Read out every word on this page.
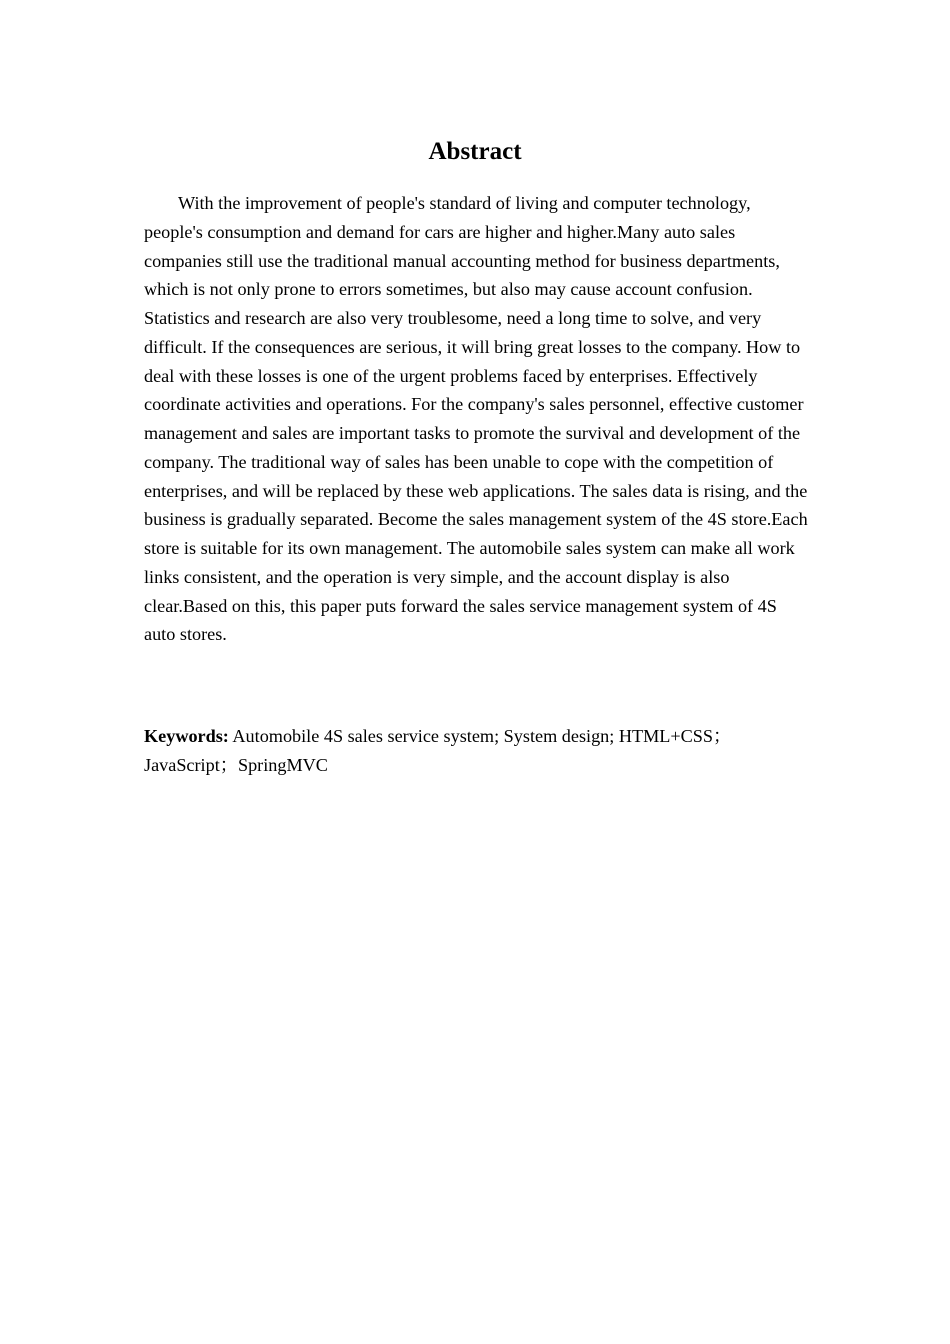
Abstract

With the improvement of people's standard of living and computer technology, people's consumption and demand for cars are higher and higher.Many auto sales companies still use the traditional manual accounting method for business departments, which is not only prone to errors sometimes, but also may cause account confusion. Statistics and research are also very troublesome, need a long time to solve, and very difficult. If the consequences are serious, it will bring great losses to the company. How to deal with these losses is one of the urgent problems faced by enterprises. Effectively coordinate activities and operations. For the company's sales personnel, effective customer management and sales are important tasks to promote the survival and development of the company. The traditional way of sales has been unable to cope with the competition of enterprises, and will be replaced by these web applications. The sales data is rising, and the business is gradually separated. Become the sales management system of the 4S store.Each store is suitable for its own management. The automobile sales system can make all work links consistent, and the operation is very simple, and the account display is also clear.Based on this, this paper puts forward the sales service management system of 4S auto stores.

Keywords: Automobile 4S sales service system; System design; HTML+CSS；JavaScript；SpringMVC
